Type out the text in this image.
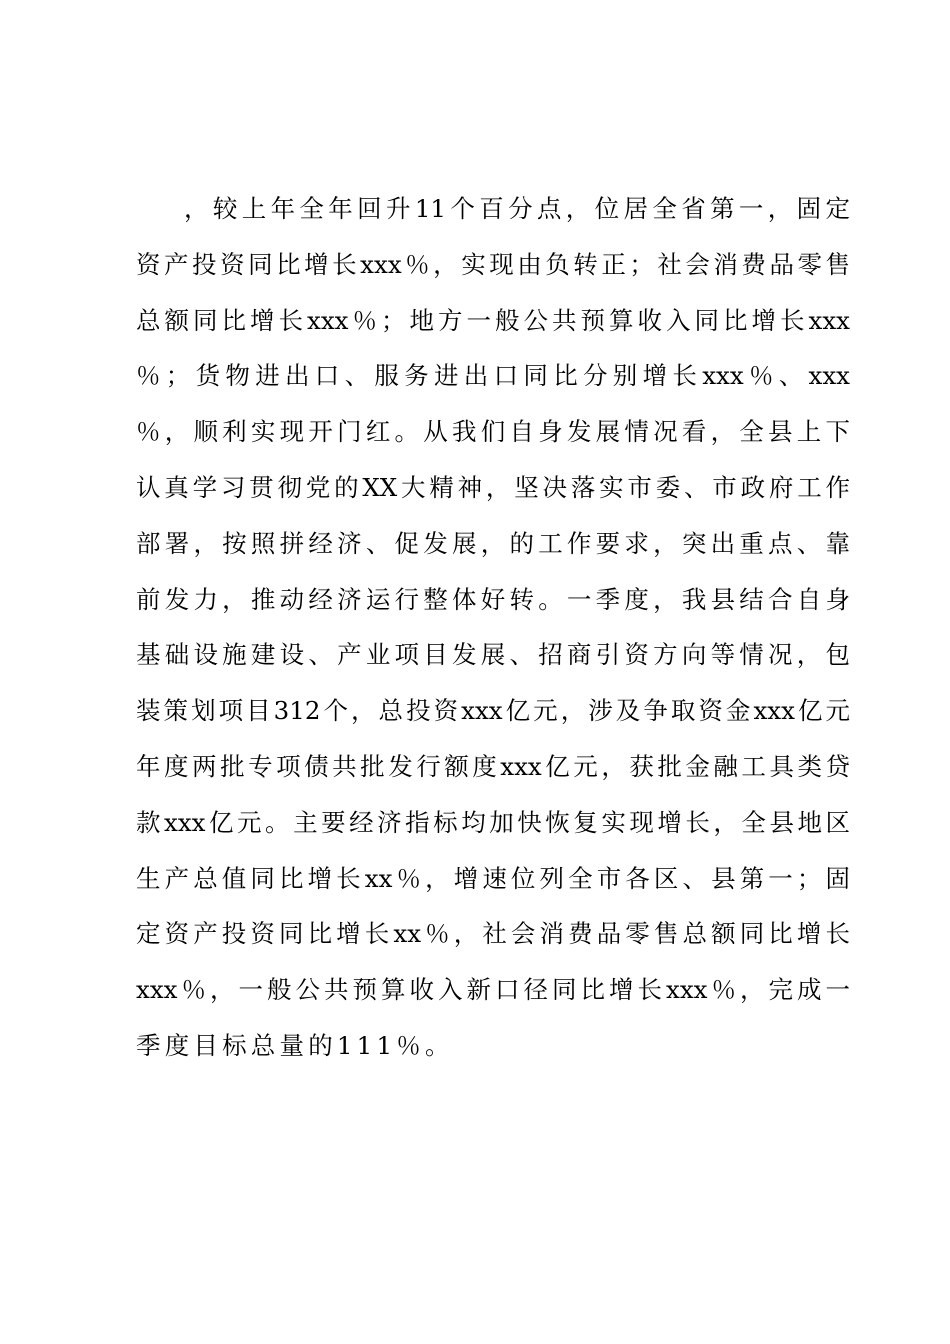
，较上年全年回升11个百分点，位居全省第一，固定
资产投资同比增长xxx％，实现由负转正；社会消费品零售
总额同比增长xxx％；地方一般公共预算收入同比增长xxx
％；货物进出口、服务进出口同比分别增长xxx％、xxx
％，顺利实现开门红。从我们自身发展情况看，全县上下
认真学习贯彻党的XX大精神，坚决落实市委、市政府工作
部署，按照拼经济、促发展，的工作要求，突出重点、靠
前发力，推动经济运行整体好转。一季度，我县结合自身
基础设施建设、产业项目发展、招商引资方向等情况，包
装策划项目312个，总投资xxx亿元，涉及争取资金xxx亿元
年度两批专项债共批发行额度xxx亿元，获批金融工具类贷
款xxx亿元。主要经济指标均加快恢复实现增长，全县地区
生产总值同比增长xx％，增速位列全市各区、县第一；固
定资产投资同比增长xx％，社会消费品零售总额同比增长
xxx％，一般公共预算收入新口径同比增长xxx％，完成一
季度目标总量的111％。
